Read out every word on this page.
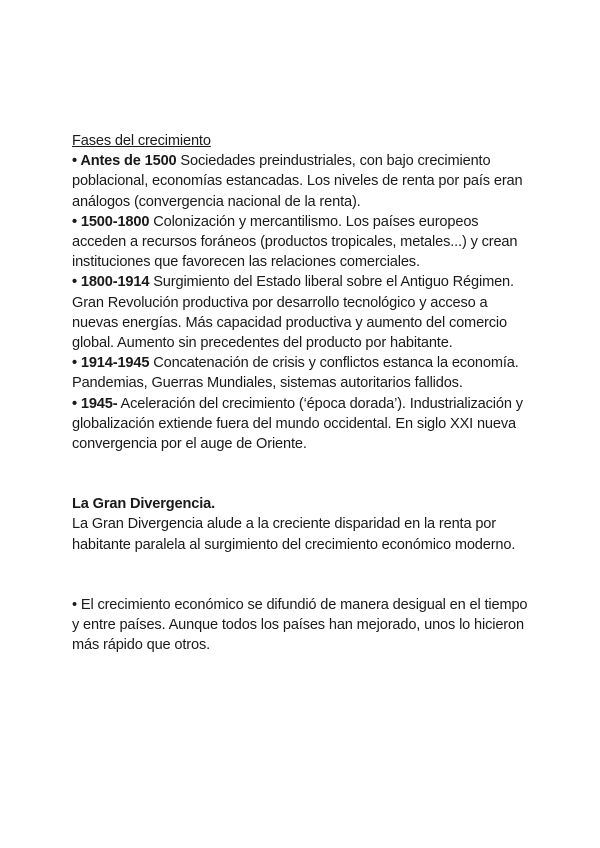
Fases del crecimiento

• Antes de 1500 Sociedades preindustriales, con bajo crecimiento poblacional, economías estancadas. Los niveles de renta por país eran análogos (convergencia nacional de la renta).

• 1500-1800 Colonización y mercantilismo. Los países europeos acceden a recursos foráneos (productos tropicales, metales...) y crean instituciones que favorecen las relaciones comerciales.

• 1800-1914 Surgimiento del Estado liberal sobre el Antiguo Régimen. Gran Revolución productiva por desarrollo tecnológico y acceso a nuevas energías. Más capacidad productiva y aumento del comercio global. Aumento sin precedentes del producto por habitante.

• 1914-1945 Concatenación de crisis y conflictos estanca la economía. Pandemias, Guerras Mundiales, sistemas autoritarios fallidos.

• 1945- Aceleración del crecimiento (‘época dorada’). Industrialización y globalización extiende fuera del mundo occidental. En siglo XXI nueva convergencia por el auge de Oriente.

La Gran Divergencia.

La Gran Divergencia alude a la creciente disparidad en la renta por habitante paralela al surgimiento del crecimiento económico moderno.

• El crecimiento económico se difundió de manera desigual en el tiempo y entre países. Aunque todos los países han mejorado, unos lo hicieron más rápido que otros.
